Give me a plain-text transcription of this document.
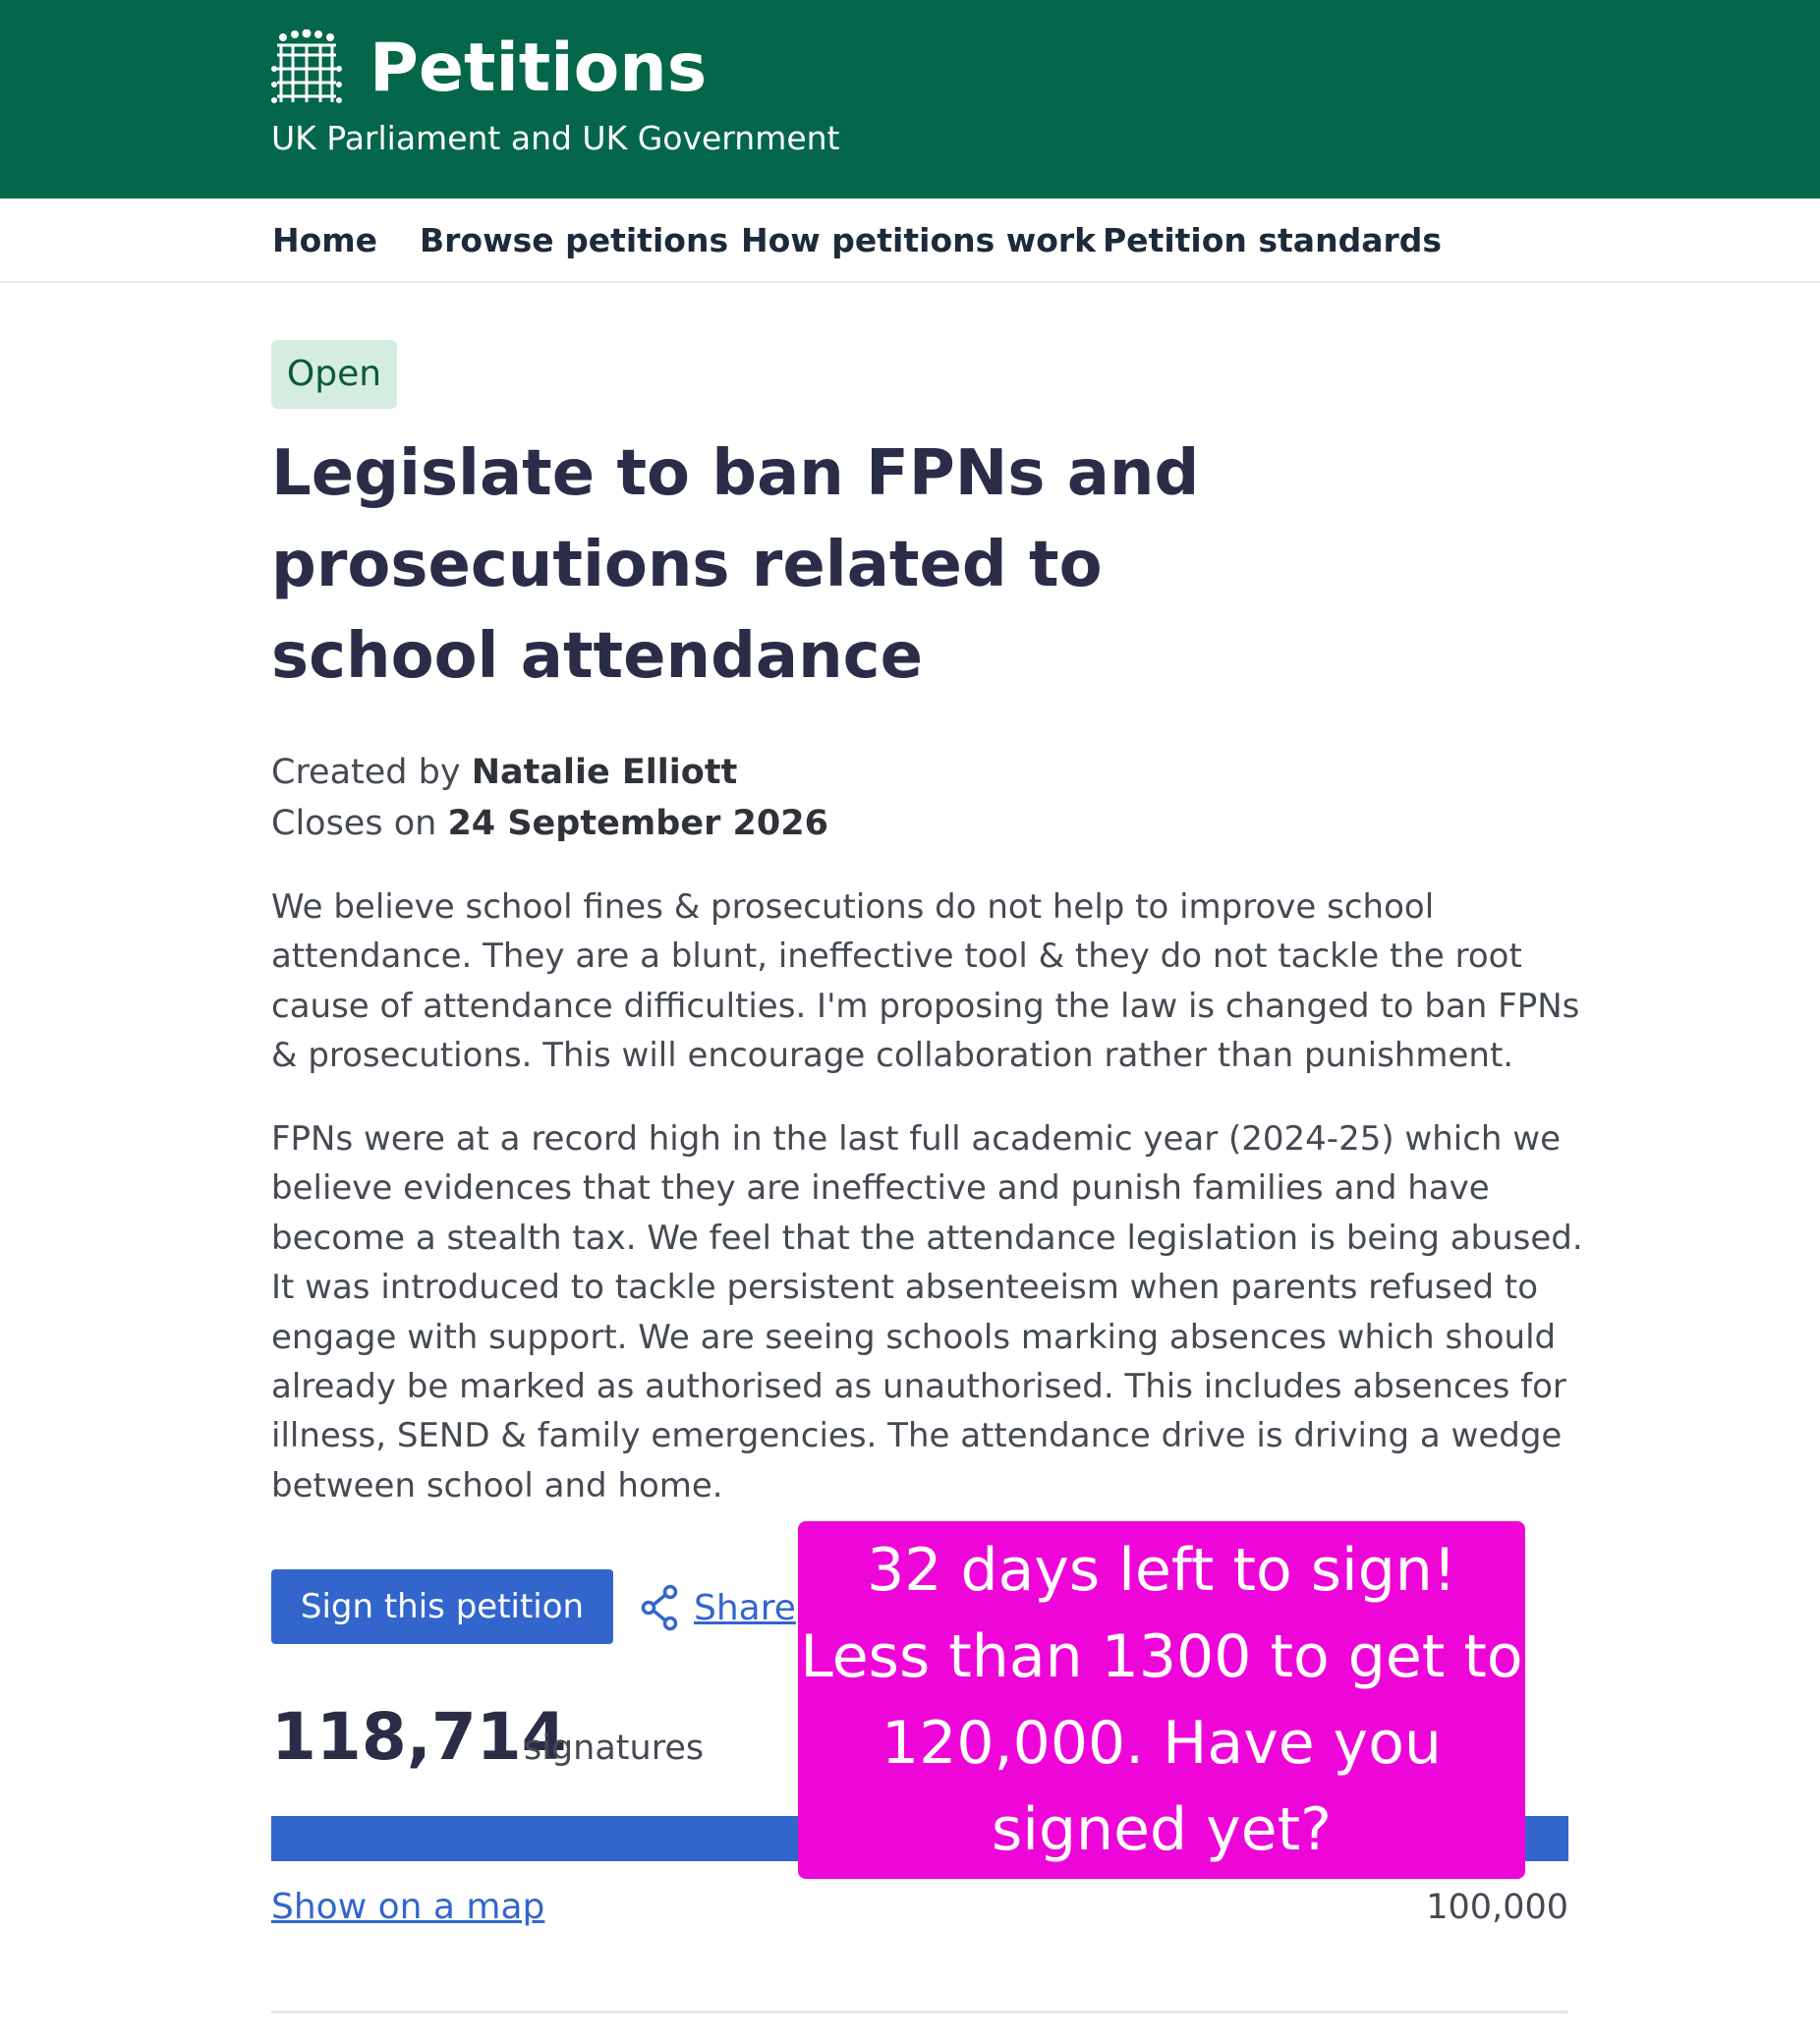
Petitions
UK Parliament and UK Government
Home Browse petitions How petitions work Petition standards
Open
Legislate to ban FPNs and prosecutions related to school attendance
Created by Natalie Elliott
Closes on 24 September 2026

We believe school fines & prosecutions do not help to improve school attendance. They are a blunt, ineffective tool & they do not tackle the root cause of attendance difficulties. I'm proposing the law is changed to ban FPNs & prosecutions. This will encourage collaboration rather than punishment.

FPNs were at a record high in the last full academic year (2024-25) which we believe evidences that they are ineffective and punish families and have become a stealth tax. We feel that the attendance legislation is being abused. It was introduced to tackle persistent absenteeism when parents refused to engage with support. We are seeing schools marking absences which should already be marked as authorised as unauthorised. This includes absences for illness, SEND & family emergencies. The attendance drive is driving a wedge between school and home.

Sign this petition	Share
118,714
signatures
Show on a map	100,000
32 days left to sign! Less than 1300 to get to 120,000. Have you signed yet?
